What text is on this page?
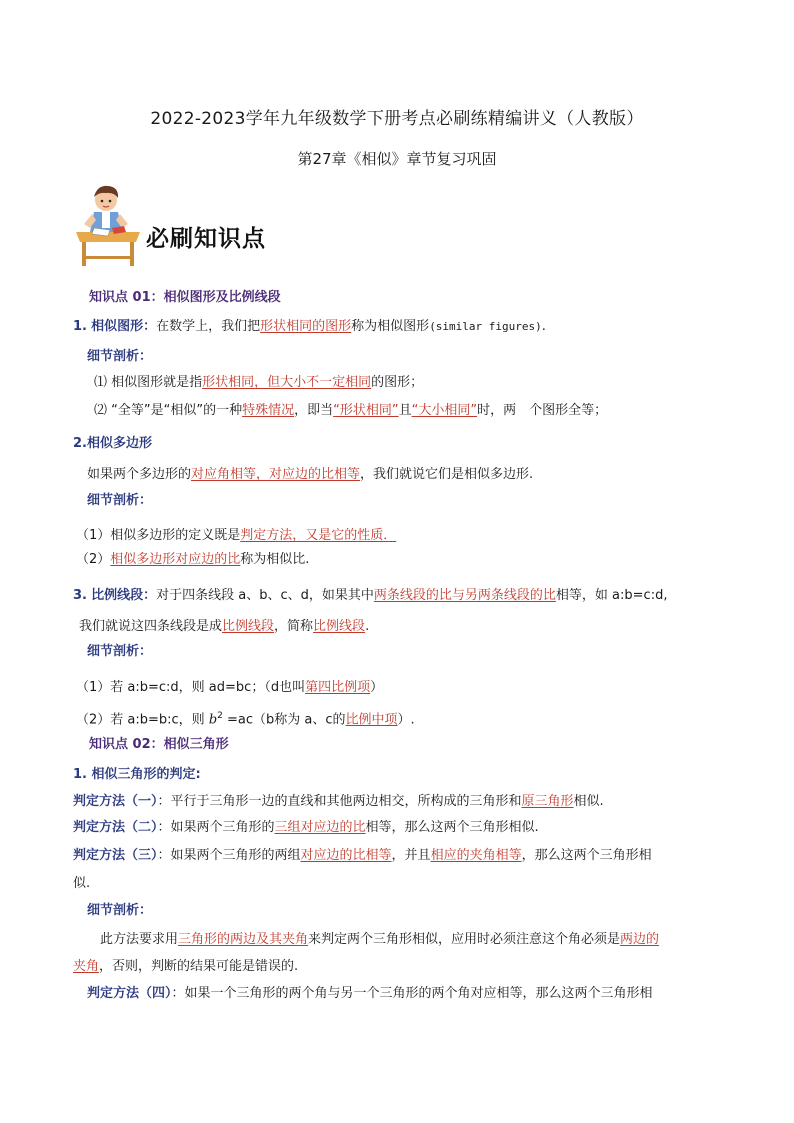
2022-2023学年九年级数学下册考点必刷练精编讲义（人教版）
第27章《相似》章节复习巩固
必刷知识点
知识点 01：相似图形及比例线段
1. 相似图形：在数学上，我们把形状相同的图形称为相似图形(similar figures).
细节剖析：
⑴ 相似图形就是指形状相同，但大小不一定相同的图形；
⑵ “全等”是“相似”的一种特殊情况，即当“形状相同”且“大小相同”时，两　个图形全等；
2.相似多边形
如果两个多边形的对应角相等，对应边的比相等，我们就说它们是相似多边形.
细节剖析：
（1）相似多边形的定义既是判定方法，又是它的性质．
（2）相似多边形对应边的比称为相似比.
3. 比例线段：对于四条线段 a、b、c、d，如果其中两条线段的比与另两条线段的比相等，如 a:b=c:d,
我们就说这四条线段是成比例线段，简称比例线段.
细节剖析：
（1）若 a:b=c:d，则 ad=bc；（d也叫第四比例项）
（2）若 a:b=b:c，则 $b^2 =ac(b$称为 a、c的比例中项）.
知识点 02：相似三角形
1. 相似三角形的判定:
判定方法（一）：平行于三角形一边的直线和其他两边相交，所构成的三角形和原三角形相似.
判定方法（二）：如果两个三角形的三组对应边的比相等，那么这两个三角形相似.
判定方法（三）：如果两个三角形的两组对应边的比相等，并且相应的夹角相等，那么这两个三角形相
似.
细节剖析：
此方法要求用三角形的两边及其夹角来判定两个三角形相似，应用时必须注意这个角必须是两边的
夹角，否则，判断的结果可能是错误的.
判定方法（四）：如果一个三角形的两个角与另一个三角形的两个角对应相等，那么这两个三角形相
